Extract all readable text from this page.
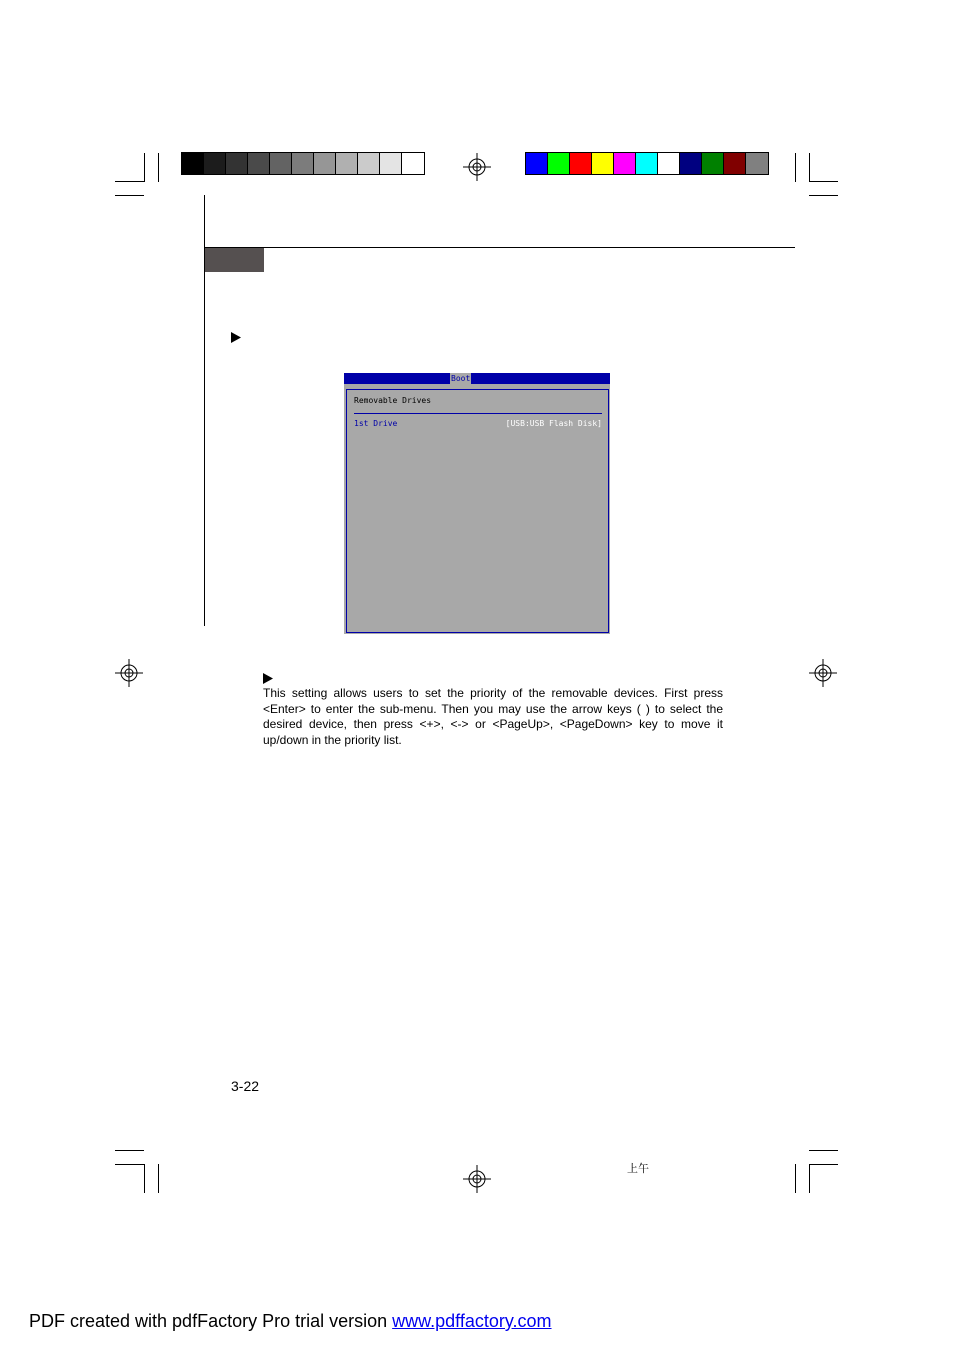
Boot
Removable Drives
1st Drive	[USB:USB Flash Disk]
This setting allows users to set the priority of the removable devices. First press <Enter> to enter the sub-menu. Then you may use the arrow keys ( ) to select the desired device, then press <+>, <-> or <PageUp>, <PageDown> key to move it up/down in the priority list.
3-22
上午
PDF created with pdfFactory Pro trial version www.pdffactory.com
